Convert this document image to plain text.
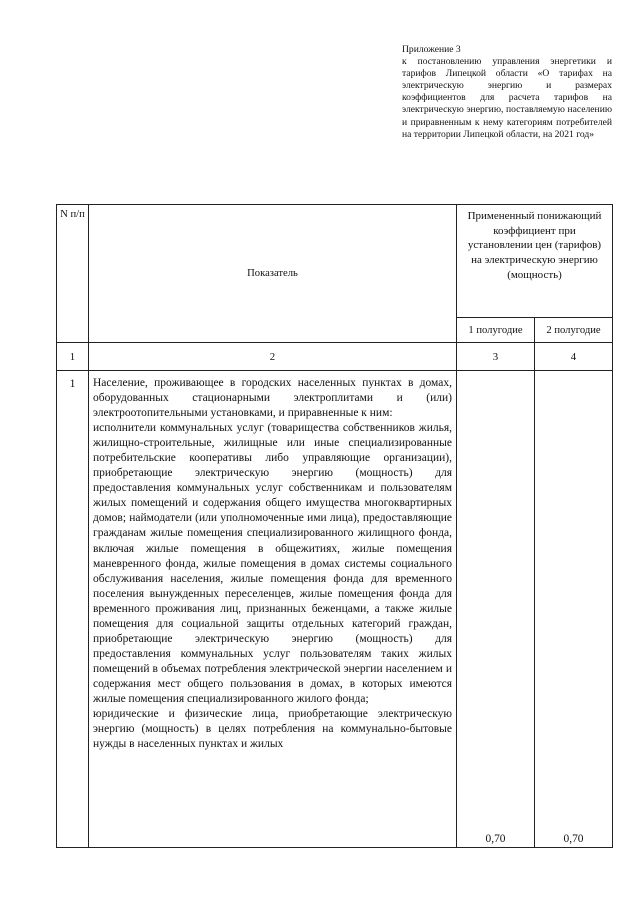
Приложение 3
к постановлению управления энергетики и тарифов Липецкой области «О тарифах на электрическую энергию и размерах коэффициентов для расчета тарифов на электрическую энергию, поставляемую населению и приравненным к нему категориям потребителей на территории Липецкой области, на 2021 год»
N п/п	Показатель	Примененный понижающий коэффициент при установлении цен (тарифов) на электрическую энергию (мощность)	
		1 полугодие	2 полугодие
1	2	3	4
1	Население, проживающее в городских населенных пунктах в домах, оборудованных стационарными электроплитами и (или) электроотопительными установками, и приравненные к ним:

исполнители коммунальных услуг (товарищества собственников жилья, жилищно-строительные, жилищные или иные специализированные потребительские кооперативы либо управляющие организации), приобретающие электрическую энергию (мощность) для предоставления коммунальных услуг собственникам и пользователям жилых помещений и содержания общего имущества многоквартирных домов; наймодатели (или уполномоченные ими лица), предоставляющие гражданам жилые помещения специализированного жилищного фонда, включая жилые помещения в общежитиях, жилые помещения маневренного фонда, жилые помещения в домах системы социального обслуживания населения, жилые помещения фонда для временного поселения вынужденных переселенцев, жилые помещения фонда для временного проживания лиц, признанных беженцами, а также жилые помещения для социальной защиты отдельных категорий граждан, приобретающие электрическую энергию (мощность) для предоставления коммунальных услуг пользователям таких жилых помещений в объемах потребления электрической энергии населением и содержания мест общего пользования в домах, в которых имеются жилые помещения специализированного жилого фонда;

юридические и физические лица, приобретающие электрическую энергию (мощность) в целях потребления на коммунально-бытовые нужды в населенных пунктах и жилых	0,70	0,70
